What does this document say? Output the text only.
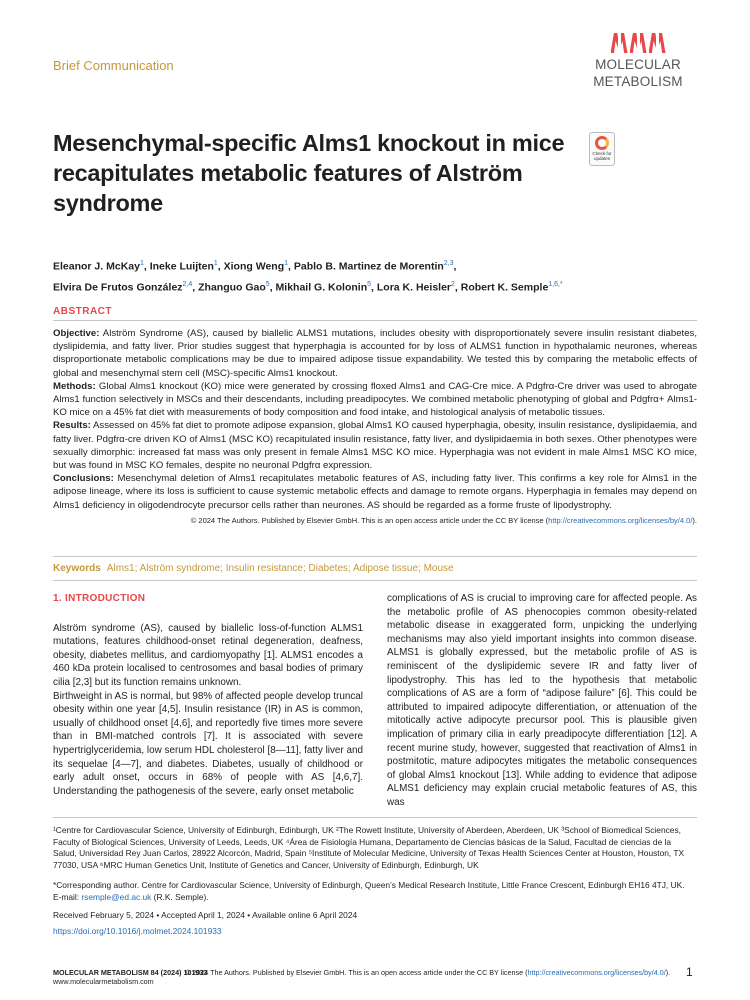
Brief Communication	MOLECULAR
METABOLISM
Mesenchymal-specific Alms1 knockout in mice recapitulates metabolic features of Alström syndrome
Check for updates
Eleanor J. McKay$^1$, Ineke Luijten$^1$, Xiong Weng$^1$, Pablo B. Martinez de Morentin$^{2,3}$,
Elvira De Frutos González$^{2,4}$, Zhanguo Gao$^5$, Mikhail G. Kolonin$^5$, Lora K. Heisler$^2$, Robert K. Semple$^{1,6,*}$
ABSTRACT

Objective: Alström Syndrome (AS), caused by biallelic ALMS1 mutations, includes obesity with disproportionately severe insulin resistant diabetes, dyslipidemia, and fatty liver. Prior studies suggest that hyperphagia is accounted for by loss of ALMS1 function in hypothalamic neurones, whereas disproportionate metabolic complications may be due to impaired adipose tissue expandability. We tested this by comparing the metabolic effects of global and mesenchymal stem cell (MSC)-specific Alms1 knockout.

Methods: Global Alms1 knockout (KO) mice were generated by crossing floxed Alms1 and CAG-Cre mice. A Pdgfrα-Cre driver was used to abrogate Alms1 function selectively in MSCs and their descendants, including preadipocytes. We combined metabolic phenotyping of global and Pdgfrα+ Alms1-KO mice on a 45% fat diet with measurements of body composition and food intake, and histological analysis of metabolic tissues.

Results: Assessed on 45% fat diet to promote adipose expansion, global Alms1 KO caused hyperphagia, obesity, insulin resistance, dyslipidaemia, and fatty liver. Pdgfrα-cre driven KO of Alms1 (MSC KO) recapitulated insulin resistance, fatty liver, and dyslipidaemia in both sexes. Other phenotypes were sexually dimorphic: increased fat mass was only present in female Alms1 MSC KO mice. Hyperphagia was not evident in male Alms1 MSC KO mice, but was found in MSC KO females, despite no neuronal Pdgfrα expression.

Conclusions: Mesenchymal deletion of Alms1 recapitulates metabolic features of AS, including fatty liver. This confirms a key role for Alms1 in the adipose lineage, where its loss is sufficient to cause systemic metabolic effects and damage to remote organs. Hyperphagia in females may depend on Alms1 deficiency in oligodendrocyte precursor cells rather than neurones. AS should be regarded as a forme fruste of lipodystrophy.

© 2024 The Authors. Published by Elsevier GmbH. This is an open access article under the CC BY license (http://creativecommons.org/licenses/by/4.0/).
Keywords Alms1; Alström syndrome; Insulin resistance; Diabetes; Adipose tissue; Mouse
1. INTRODUCTION

Alström syndrome (AS), caused by biallelic loss-of-function ALMS1 mutations, features childhood-onset retinal degeneration, deafness, obesity, diabetes mellitus, and cardiomyopathy [1]. ALMS1 encodes a 460 kDa protein localised to centrosomes and basal bodies of primary cilia [2,3] but its function remains unknown.

Birthweight in AS is normal, but 98% of affected people develop truncal obesity within one year [4,5]. Insulin resistance (IR) in AS is common, usually of childhood onset [4,6], and reportedly five times more severe than in BMI-matched controls [7]. It is associated with severe hypertriglyceridemia, low serum HDL cholesterol [8—11], fatty liver and its sequelae [4—7], and diabetes. Diabetes, usually of childhood or early adult onset, occurs in 68% of people with AS [4,6,7]. Understanding the pathogenesis of the severe, early onset metabolic

complications of AS is crucial to improving care for affected people. As the metabolic profile of AS phenocopies common obesity-related metabolic disease in exaggerated form, unpicking the underlying mechanisms may also yield important insights into common disease. ALMS1 is globally expressed, but the metabolic profile of AS is reminiscent of the dyslipidemic severe IR and fatty liver of lipodystrophy. This has led to the hypothesis that metabolic complications of AS are a form of “adipose failure” [6]. This could be attributed to impaired adipocyte differentiation, or attenuation of the mitotically active adipocyte precursor pool. This is plausible given implication of primary cilia in early preadipocyte differentiation [12]. A recent murine study, however, suggested that reactivation of Alms1 in postmitotic, mature adipocytes mitigates the metabolic consequences of global Alms1 knockout [13]. While adding to evidence that adipose ALMS1 deficiency may explain crucial metabolic features of AS, this was

¹Centre for Cardiovascular Science, University of Edinburgh, Edinburgh, UK ²The Rowett Institute, University of Aberdeen, Aberdeen, UK ³School of Biomedical Sciences, Faculty of Biological Sciences, University of Leeds, Leeds, UK ⁴Área de Fisiología Humana, Departamento de Ciencias básicas de la Salud, Facultad de ciencias de la Salud, Universidad Rey Juan Carlos, 28922 Alcorcón, Madrid, Spain ⁵Institute of Molecular Medicine, University of Texas Health Sciences Center at Houston, Houston, TX 77030, USA ⁶MRC Human Genetics Unit, Institute of Genetics and Cancer, University of Edinburgh, Edinburgh, UK
*Corresponding author. Centre for Cardiovascular Science, University of Edinburgh, Queen’s Medical Research Institute, Little France Crescent, Edinburgh EH16 4TJ, UK.
E-mail: rsemple@ed.ac.uk (R.K. Semple).
Received February 5, 2024 • Accepted April 1, 2024 • Available online 6 April 2024
https://doi.org/10.1016/j.molmet.2024.101933
MOLECULAR METABOLISM 84 (2024) 101933
www.molecularmetabolism.com
© 2024 The Authors. Published by Elsevier GmbH. This is an open access article under the CC BY license (http://creativecommons.org/licenses/by/4.0/). 1
